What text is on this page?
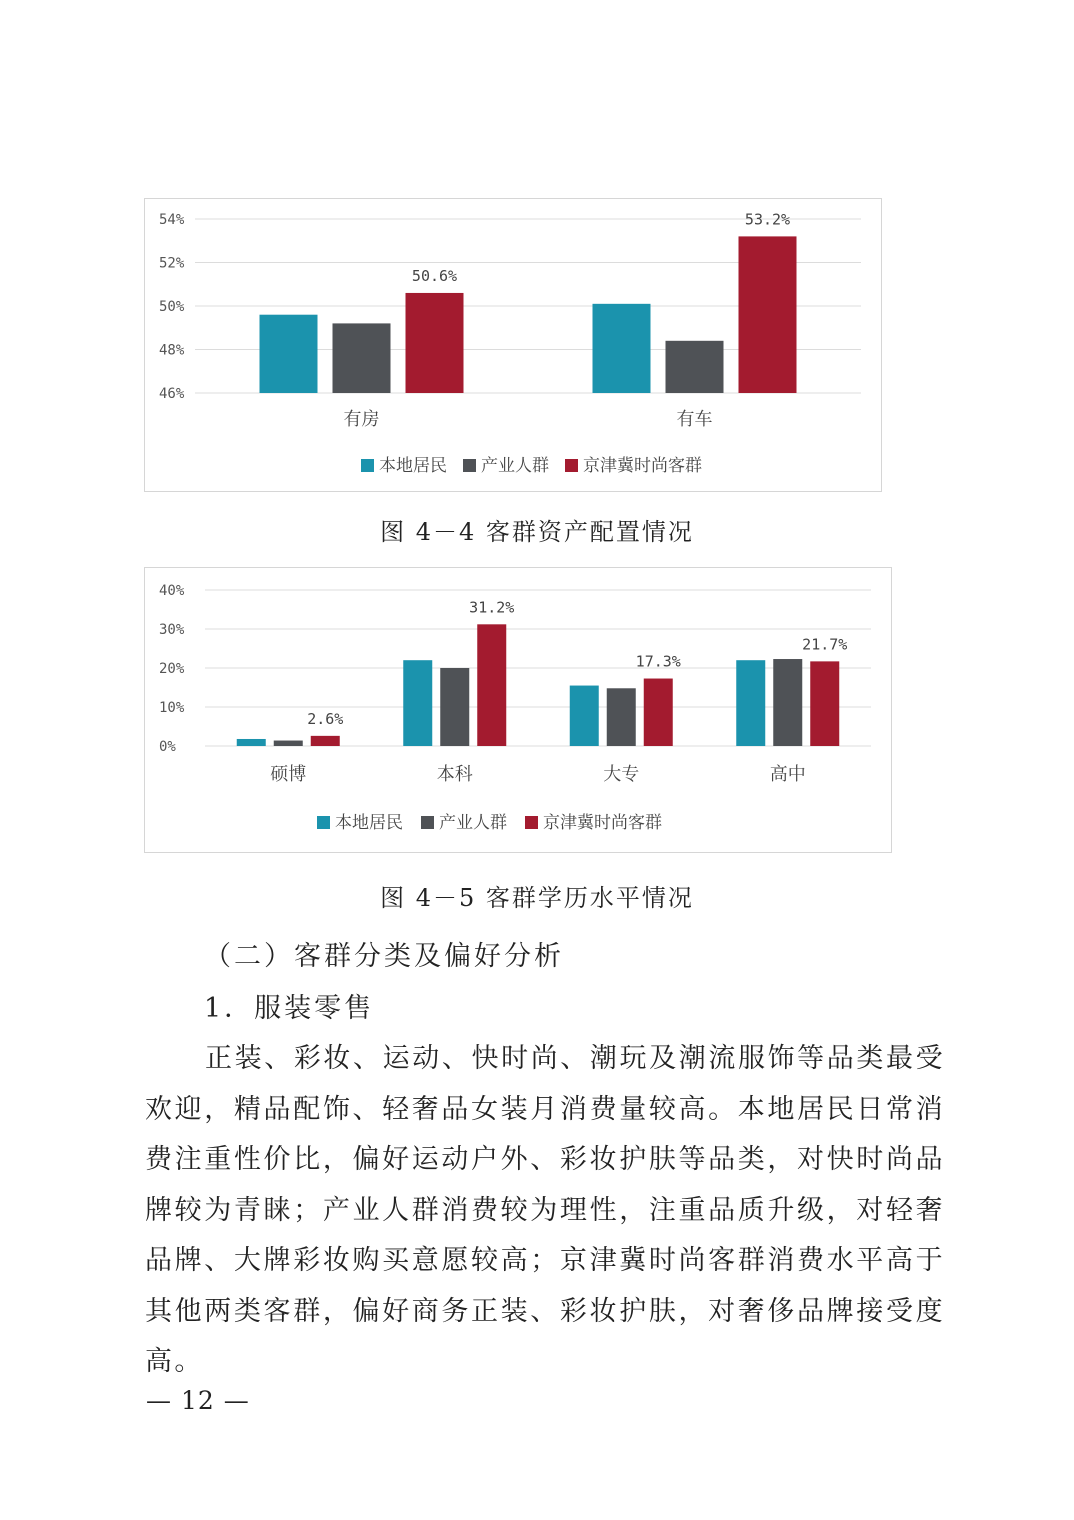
46%
48%
50%
52%
54%
50.6%
有房
53.2%
有车
本地居民 产业人群 京津冀时尚客群
图 4－4 客群资产配置情况
0%
10%
20%
30%
40%
2.6%
硕博
31.2%
本科
17.3%
大专
21.7%
高中
本地居民 产业人群 京津冀时尚客群
图 4－5 客群学历水平情况
（二）客群分类及偏好分析
1．服装零售

正装、彩妆、运动、快时尚、潮玩及潮流服饰等品类最受欢迎，精品配饰、轻奢品女装月消费量较高。本地居民日常消费注重性价比，偏好运动户外、彩妆护肤等品类，对快时尚品牌较为青睐；产业人群消费较为理性，注重品质升级，对轻奢品牌、大牌彩妆购买意愿较高；京津冀时尚客群消费水平高于其他两类客群，偏好商务正装、彩妆护肤，对奢侈品牌接受度高。

— 12 —
